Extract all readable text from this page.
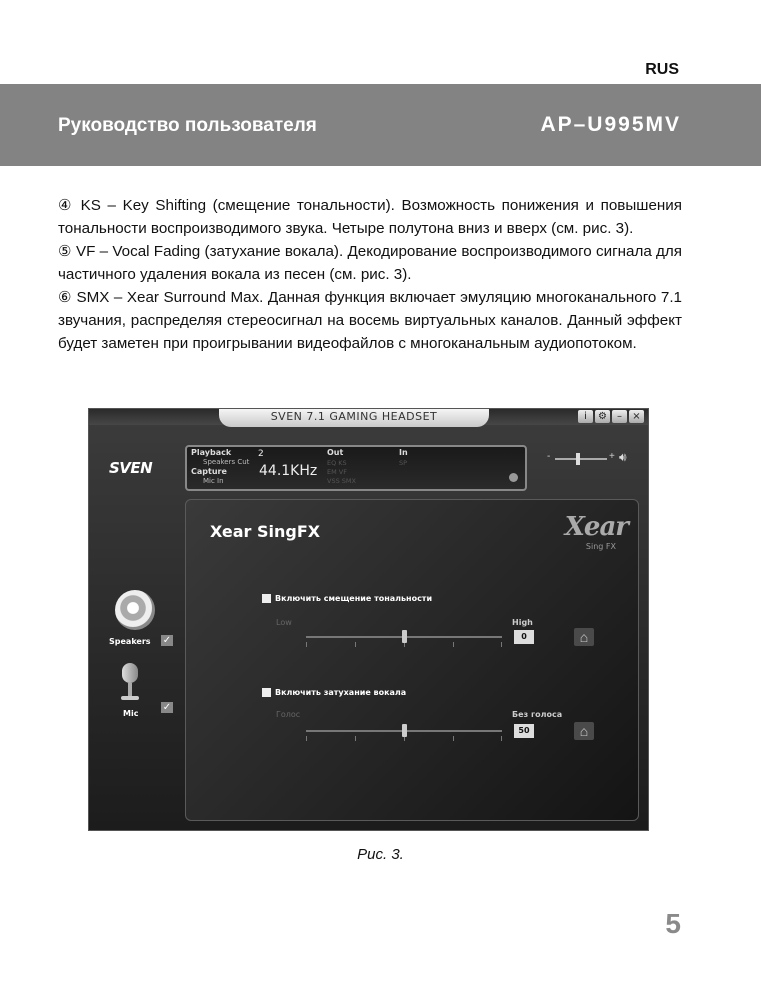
RUS
Руководство пользователя	AP–U995MV

④ KS – Key Shifting (смещение тональности). Возможность понижения и повышения тональности воспроизводимого звука. Четыре полутона вниз и вверх (см. рис. 3).

⑤ VF – Vocal Fading (затухание вокала). Декодирование воспроизводимого сигнала для частичного удаления вокала из песен (см. рис. 3).

⑥ SMX – Xear Surround Max. Данная функция включает эмуляцию многоканального 7.1 звучания, распределяя стереосигнал на восемь виртуальных каналов. Данный эффект будет заметен при проигрывании видеофайлов с многоканальным аудиопотоком.

SVEN 7.1 GAMING HEADSET	i	⚙	–	×
SVEN
Playback
Speakers Cut
Capture
Mic In
2
44.1KHz
Out
EQ KS
EM VF
VSS SMX
In
SP
-	+ 🔊︎
Speakers ✓
Mic
✓
Xear SingFX	Xear
Sing FX
Включить смещение тональности
Low	High
0	⌂
Включить затухание вокала
Голос	Без голоса
50	⌂
Рис. 3.
5
